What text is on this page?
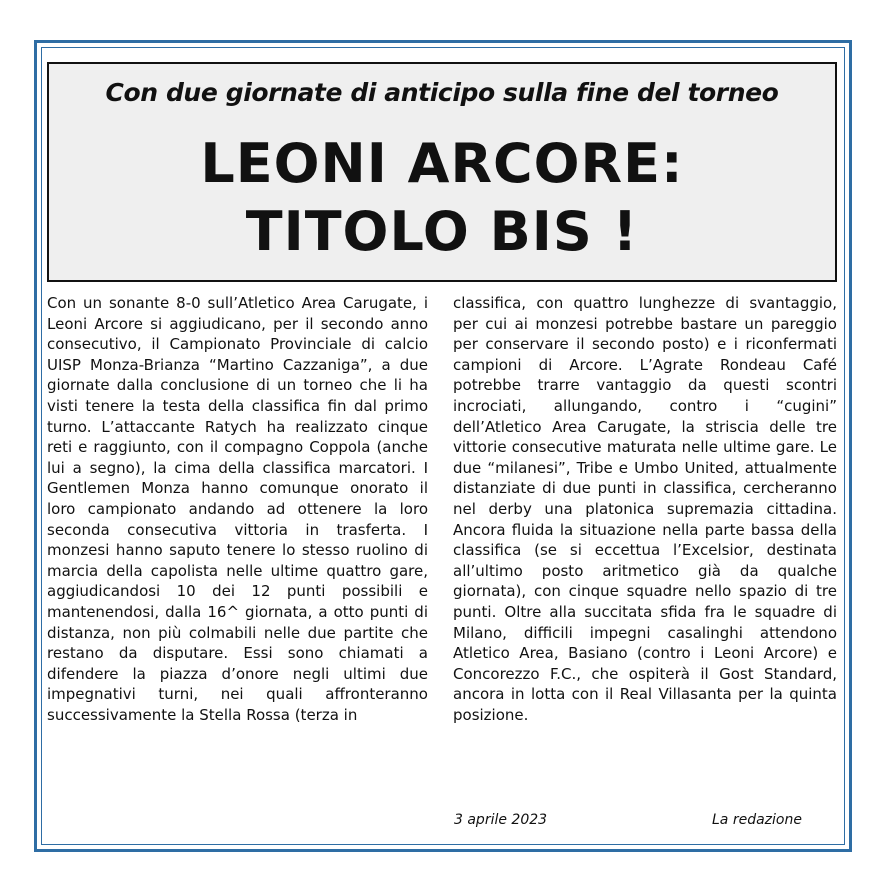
Con due giornate di anticipo sulla fine del torneo

LEONI ARCORE:
TITOLO BIS !

Con un sonante 8-0 sull’Atletico Area Carugate, i Leoni Arcore si aggiudicano, per il secondo anno consecutivo, il Campionato Provinciale di calcio UISP Monza-Brianza “Martino Cazzaniga”, a due giornate dalla conclusione di un torneo che li ha visti tenere la testa della classifica fin dal primo turno. L’attaccante Ratych ha realizzato cinque reti e raggiunto, con il compagno Coppola (anche lui a segno), la cima della classifica marcatori. I Gentlemen Monza hanno comunque onorato il loro campionato andando ad ottenere la loro seconda consecutiva vittoria in trasferta. I monzesi hanno saputo tenere lo stesso ruolino di marcia della capolista nelle ultime quattro gare, aggiudicandosi 10 dei 12 punti possibili e mantenendosi, dalla 16^ giornata, a otto punti di distanza, non più colmabili nelle due partite che restano da disputare. Essi sono chiamati a difendere la piazza d’onore negli ultimi due impegnativi turni, nei quali affronteranno successivamente la Stella Rossa (terza in

classifica, con quattro lunghezze di svantaggio, per cui ai monzesi potrebbe bastare un pareggio per conservare il secondo posto) e i riconfermati campioni di Arcore. L’Agrate Rondeau Café potrebbe trarre vantaggio da questi scontri incrociati, allungando, contro i “cugini” dell’Atletico Area Carugate, la striscia delle tre vittorie consecutive maturata nelle ultime gare. Le due “milanesi”, Tribe e Umbo United, attualmente distanziate di due punti in classifica, cercheranno nel derby una platonica supremazia cittadina. Ancora fluida la situazione nella parte bassa della classifica (se si eccettua l’Excelsior, destinata all’ultimo posto aritmetico già da qualche giornata), con cinque squadre nello spazio di tre punti. Oltre alla succitata sfida fra le squadre di Milano, difficili impegni casalinghi attendono Atletico Area, Basiano (contro i Leoni Arcore) e Concorezzo F.C., che ospiterà il Gost Standard, ancora in lotta con il Real Villasanta per la quinta posizione.

3 aprile 2023	La redazione
